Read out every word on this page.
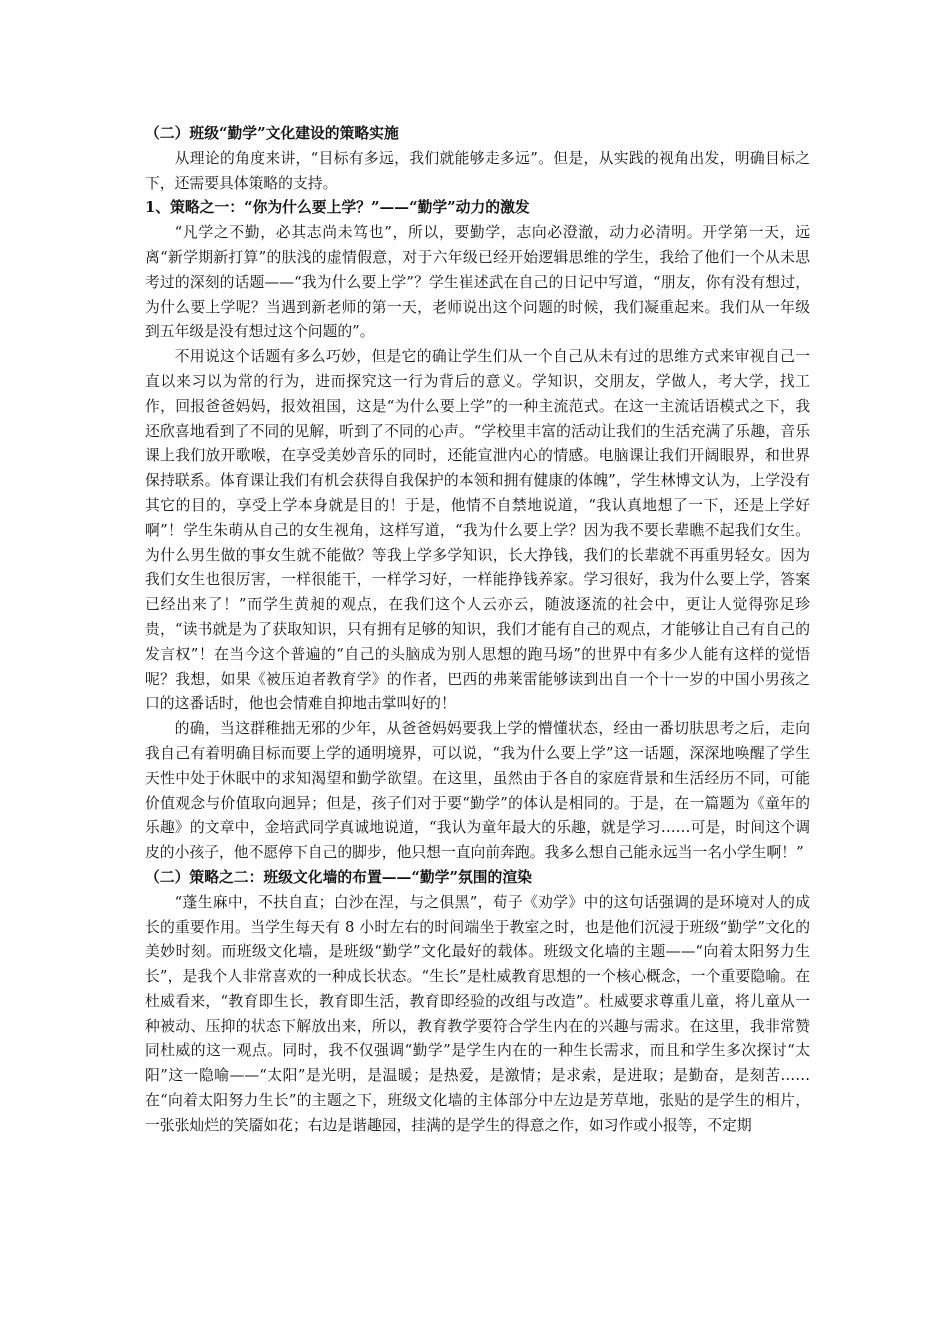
（二）班级“勤学”文化建设的策略实施

从理论的角度来讲，“目标有多远，我们就能够走多远”。但是，从实践的视角出发，明确目标之下，还需要具体策略的支持。

1、策略之一：“你为什么要上学？”——“勤学”动力的激发

“凡学之不勤，必其志尚未笃也”，所以，要勤学，志向必澄澈，动力必清明。开学第一天，远离“新学期新打算”的肤浅的虚情假意，对于六年级已经开始逻辑思维的学生，我给了他们一个从未思考过的深刻的话题——“我为什么要上学”？学生崔述武在自己的日记中写道，“朋友，你有没有想过，为什么要上学呢？当遇到新老师的第一天，老师说出这个问题的时候，我们凝重起来。我们从一年级到五年级是没有想过这个问题的”。

不用说这个话题有多么巧妙，但是它的确让学生们从一个自己从未有过的思维方式来审视自己一直以来习以为常的行为，进而探究这一行为背后的意义。学知识，交朋友，学做人，考大学，找工作，回报爸爸妈妈，报效祖国，这是“为什么要上学”的一种主流范式。在这一主流话语模式之下，我还欣喜地看到了不同的见解，听到了不同的心声。“学校里丰富的活动让我们的生活充满了乐趣，音乐课上我们放开歌喉，在享受美妙音乐的同时，还能宣泄内心的情感。电脑课让我们开阔眼界，和世界保持联系。体育课让我们有机会获得自我保护的本领和拥有健康的体魄”，学生林博文认为，上学没有其它的目的，享受上学本身就是目的！于是，他情不自禁地说道，“我认真地想了一下，还是上学好啊”！学生朱萌从自己的女生视角，这样写道，“我为什么要上学？因为我不要长辈瞧不起我们女生。为什么男生做的事女生就不能做？等我上学多学知识，长大挣钱，我们的长辈就不再重男轻女。因为我们女生也很厉害，一样很能干，一样学习好，一样能挣钱养家。学习很好，我为什么要上学，答案已经出来了！”而学生黄昶的观点，在我们这个人云亦云，随波逐流的社会中，更让人觉得弥足珍贵，“读书就是为了获取知识，只有拥有足够的知识，我们才能有自己的观点，才能够让自己有自己的发言权”！在当今这个普遍的“自己的头脑成为别人思想的跑马场”的世界中有多少人能有这样的觉悟呢？我想，如果《被压迫者教育学》的作者，巴西的弗莱雷能够读到出自一个十一岁的中国小男孩之口的这番话时，他也会情难自抑地击掌叫好的！

的确，当这群稚拙无邪的少年，从爸爸妈妈要我上学的懵懂状态，经由一番切肤思考之后，走向我自己有着明确目标而要上学的通明境界，可以说，“我为什么要上学”这一话题，深深地唤醒了学生天性中处于休眠中的求知渴望和勤学欲望。在这里，虽然由于各自的家庭背景和生活经历不同，可能价值观念与价值取向迥异；但是，孩子们对于要“勤学”的体认是相同的。于是，在一篇题为《童年的乐趣》的文章中，金培武同学真诚地说道，“我认为童年最大的乐趣，就是学习……可是，时间这个调皮的小孩子，他不愿停下自己的脚步，他只想一直向前奔跑。我多么想自己能永远当一名小学生啊！”

（二）策略之二：班级文化墙的布置——“勤学”氛围的渲染

“蓬生麻中，不扶自直；白沙在涅，与之俱黑”，荀子《劝学》中的这句话强调的是环境对人的成长的重要作用。当学生每天有 8 小时左右的时间端坐于教室之时，也是他们沉浸于班级“勤学”文化的美妙时刻。而班级文化墙，是班级“勤学”文化最好的载体。班级文化墙的主题——“向着太阳努力生长”，是我个人非常喜欢的一种成长状态。“生长”是杜威教育思想的一个核心概念，一个重要隐喻。在杜威看来，“教育即生长，教育即生活，教育即经验的改组与改造”。杜威要求尊重儿童，将儿童从一种被动、压抑的状态下解放出来，所以，教育教学要符合学生内在的兴趣与需求。在这里，我非常赞同杜威的这一观点。同时，我不仅强调“勤学”是学生内在的一种生长需求，而且和学生多次探讨“太阳”这一隐喻——“太阳”是光明，是温暖；是热爱，是激情；是求索，是进取；是勤奋，是刻苦……在“向着太阳努力生长”的主题之下，班级文化墙的主体部分中左边是芳草地，张贴的是学生的相片，一张张灿烂的笑靥如花；右边是谐趣园，挂满的是学生的得意之作，如习作或小报等，不定期
